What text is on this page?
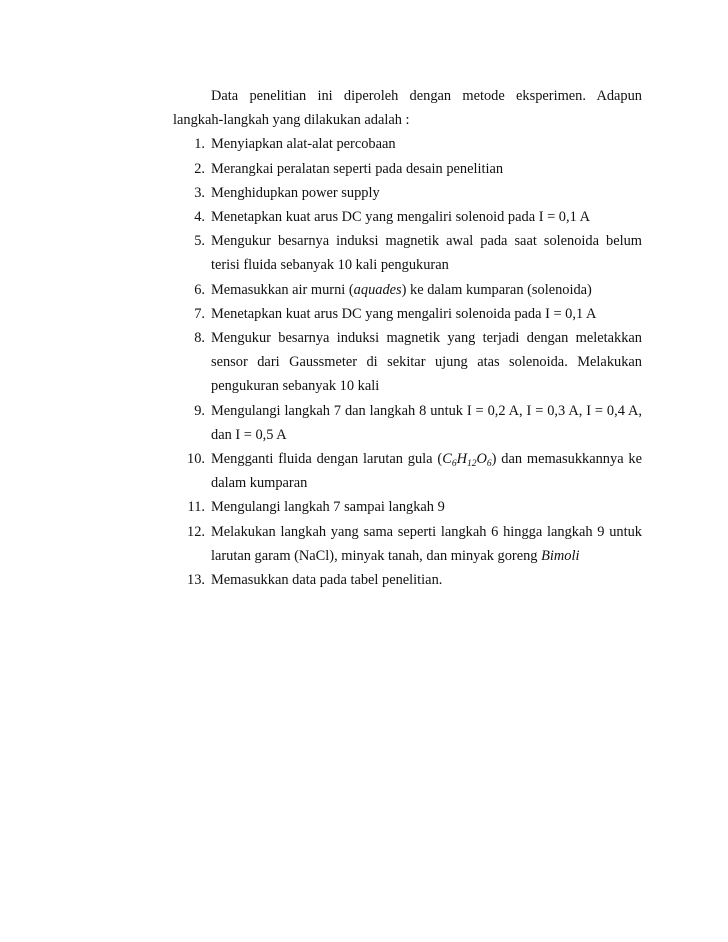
Data penelitian ini diperoleh dengan metode eksperimen. Adapun langkah-langkah yang dilakukan adalah :

1. Menyiapkan alat-alat percobaan
2. Merangkai peralatan seperti pada desain penelitian
3. Menghidupkan power supply
4. Menetapkan kuat arus DC yang mengaliri solenoid pada I = 0,1 A
5. Mengukur besarnya induksi magnetik awal pada saat solenoida belum terisi fluida sebanyak 10 kali pengukuran
6. Memasukkan air murni (aquades) ke dalam kumparan (solenoida)
7. Menetapkan kuat arus DC yang mengaliri solenoida pada I = 0,1 A
8. Mengukur besarnya induksi magnetik yang terjadi dengan meletakkan sensor dari Gaussmeter di sekitar ujung atas solenoida. Melakukan pengukuran sebanyak 10 kali
9. Mengulangi langkah 7 dan langkah 8 untuk I = 0,2 A, I = 0,3 A, I = 0,4 A, dan I = 0,5 A
10. Mengganti fluida dengan larutan gula $(C_6H_{12}O_6)$ dan memasukkannya ke dalam kumparan
11. Mengulangi langkah 7 sampai langkah 9
12. Melakukan langkah yang sama seperti langkah 6 hingga langkah 9 untuk larutan garam (NaCl), minyak tanah, dan minyak goreng Bimoli
13. Memasukkan data pada tabel penelitian.
